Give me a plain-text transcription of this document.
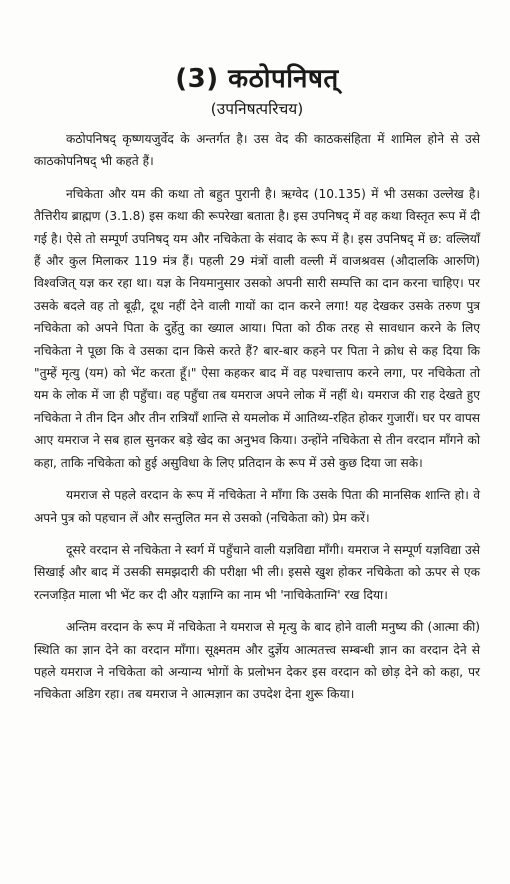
(3) कठोपनिषत्
(उपनिषत्परिचय)

कठोपनिषद् कृष्णयजुर्वेद के अन्तर्गत है। उस वेद की काठकसंहिता में शामिल होने से उसे काठकोपनिषद् भी कहते हैं।

नचिकेता और यम की कथा तो बहुत पुरानी है। ऋग्वेद (10.135) में भी उसका उल्लेख है। तैत्तिरीय ब्राह्मण (3.1.8) इस कथा की रूपरेखा बताता है। इस उपनिषद् में वह कथा विस्तृत रूप में दी गई है। ऐसे तो सम्पूर्ण उपनिषद् यम और नचिकेता के संवाद के रूप में है। इस उपनिषद् में छ: वल्लियाँ हैं और कुल मिलाकर 119 मंत्र हैं। पहली 29 मंत्रों वाली वल्ली में वाजश्रवस (औदालकि आरुणि) विश्वजित् यज्ञ कर रहा था। यज्ञ के नियमानुसार उसको अपनी सारी सम्पत्ति का दान करना चाहिए। पर उसके बदले वह तो बूढ़ी, दूध नहीं देने वाली गायों का दान करने लगा! यह देखकर उसके तरुण पुत्र नचिकेता को अपने पिता के दुर्हेतु का ख्याल आया। पिता को ठीक तरह से सावधान करने के लिए नचिकेता ने पूछा कि वे उसका दान किसे करते हैं? बार-बार कहने पर पिता ने क्रोध से कह दिया कि "तुम्हें मृत्यु (यम) को भेंट करता हूँ।" ऐसा कहकर बाद में वह पश्चात्ताप करने लगा, पर नचिकेता तो यम के लोक में जा ही पहुँचा। वह पहुँचा तब यमराज अपने लोक में नहीं थे। यमराज की राह देखते हुए नचिकेता ने तीन दिन और तीन रात्रियाँ शान्ति से यमलोक में आतिथ्य-रहित होकर गुजारीं। घर पर वापस आए यमराज ने सब हाल सुनकर बड़े खेद का अनुभव किया। उन्होंने नचिकेता से तीन वरदान माँगने को कहा, ताकि नचिकेता को हुई असुविधा के लिए प्रतिदान के रूप में उसे कुछ दिया जा सके।

यमराज से पहले वरदान के रूप में नचिकेता ने माँगा कि उसके पिता की मानसिक शान्ति हो। वे अपने पुत्र को पहचान लें और सन्तुलित मन से उसको (नचिकेता को) प्रेम करें।

दूसरे वरदान से नचिकेता ने स्वर्ग में पहुँचाने वाली यज्ञविद्या माँगी। यमराज ने सम्पूर्ण यज्ञविद्या उसे सिखाई और बाद में उसकी समझदारी की परीक्षा भी ली। इससे खुश होकर नचिकेता को ऊपर से एक रत्नजड़ित माला भी भेंट कर दी और यज्ञाग्नि का नाम भी 'नाचिकेताग्नि' रख दिया।

अन्तिम वरदान के रूप में नचिकेता ने यमराज से मृत्यु के बाद होने वाली मनुष्य की (आत्मा की) स्थिति का ज्ञान देने का वरदान माँगा। सूक्ष्मतम और दुर्ज्ञेय आत्मतत्त्व सम्बन्धी ज्ञान का वरदान देने से पहले यमराज ने नचिकेता को अन्यान्य भोगों के प्रलोभन देकर इस वरदान को छोड़ देने को कहा, पर नचिकेता अडिग रहा। तब यमराज ने आत्मज्ञान का उपदेश देना शुरू किया।
